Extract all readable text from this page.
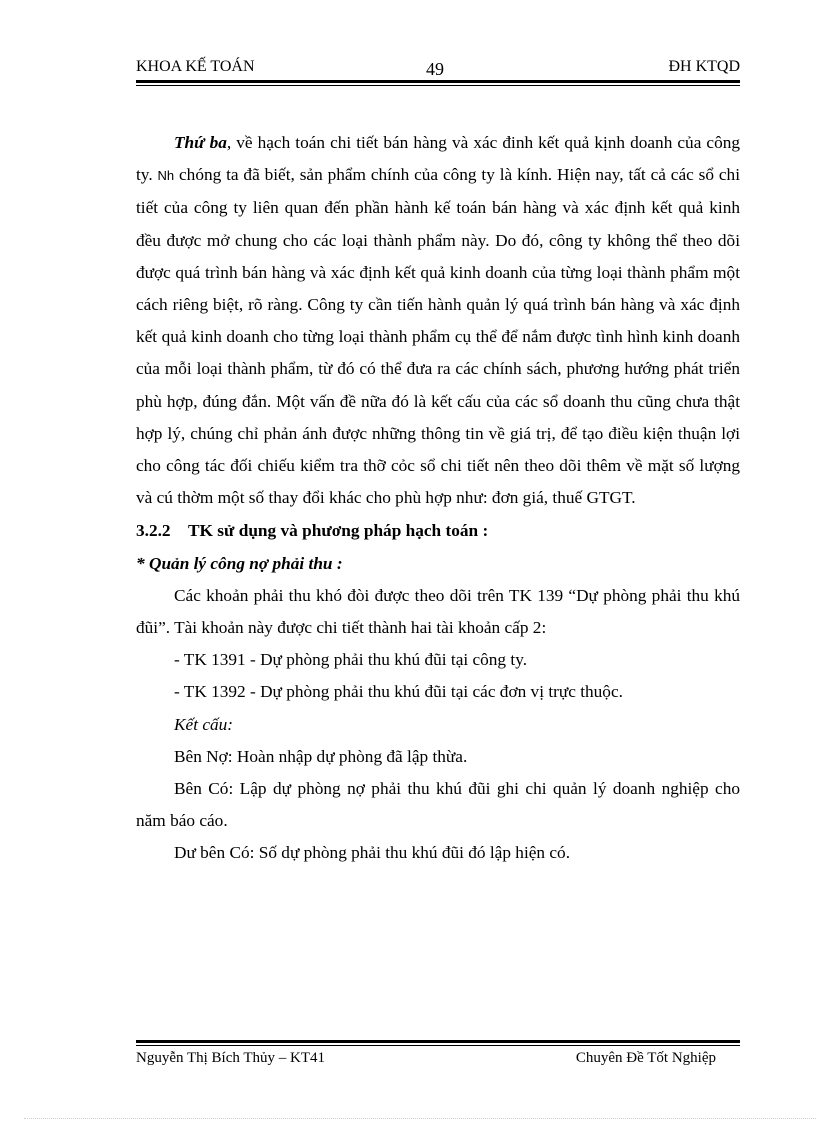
KHOA KẾ TOÁN	49	ĐH KTQD

Thứ ba, về hạch toán chi tiết bán hàng và xác đinh kết quả kịnh doanh của công ty. Nh chóng ta đã biết, sản phẩm chính của công ty là kính. Hiện nay, tất cả các sổ chi tiết của công ty liên quan đến phần hành kế toán bán hàng và xác định kết quả kinh đều được mở chung cho các loại thành phẩm này. Do đó, công ty không thể theo dõi được quá trình bán hàng và xác định kết quả kinh doanh của từng loại thành phẩm một cách riêng biệt, rõ ràng. Công ty cần tiến hành quản lý quá trình bán hàng và xác định kết quả kinh doanh cho từng loại thành phẩm cụ thể để nắm được tình hình kinh doanh của mỗi loại thành phẩm, từ đó có thể đưa ra các chính sách, phương hướng phát triển phù hợp, đúng đắn. Một vấn đề nữa đó là kết cấu của các sổ doanh thu cũng chưa thật hợp lý, chúng chỉ phản ánh được những thông tin về giá trị, để tạo điều kiện thuận lợi cho công tác đối chiếu kiểm tra thỡ cỏc sổ chi tiết nên theo dõi thêm về mặt số lượng và cú thờm một số thay đổi khác cho phù hợp như: đơn giá, thuế GTGT.

3.2.2 TK sử dụng và phương pháp hạch toán :

* Quản lý công nợ phải thu :

Các khoản phải thu khó đòi được theo dõi trên TK 139 “Dự phòng phải thu khú đũi”. Tài khoản này được chi tiết thành hai tài khoản cấp 2:

- TK 1391 - Dự phòng phải thu khú đũi tại công ty.

- TK 1392 - Dự phòng phải thu khú đũi tại các đơn vị trực thuộc.

Kết cấu:

Bên Nợ: Hoàn nhập dự phòng đã lập thừa.

Bên Có: Lập dự phòng nợ phải thu khú đũi ghi chi quản lý doanh nghiệp cho năm báo cáo.

Dư bên Có: Số dự phòng phải thu khú đũi đó lập hiện có.

Nguyễn Thị Bích Thủy – KT41	Chuyên Đề Tốt Nghiệp
